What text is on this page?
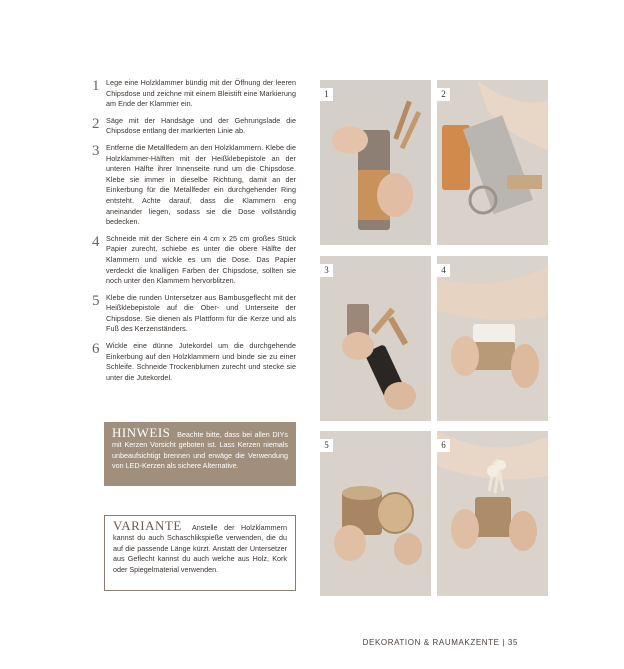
1 Lege eine Holzklammer bündig mit der Öffnung der leeren Chipsdose und zeichne mit einem Bleistift eine Markierung am Ende der Klammer ein.
2 Säge mit der Handsäge und der Gehrungslade die Chipsdose entlang der markierten Linie ab.
3 Entferne die Metallfedern an den Holzklammern. Klebe die Holzklammer-Hälften mit der Heißklebepistole an der unteren Hälfte ihrer Innenseite rund um die Chipsdose. Klebe sie immer in dieselbe Richtung, damit an der Einkerbung für die Metallfeder ein durchgehender Ring entsteht. Achte darauf, dass die Klammern eng aneinander liegen, sodass sie die Dose vollständig bedecken.
4 Schneide mit der Schere ein 4 cm x 25 cm großes Stück Papier zurecht, schiebe es unter die obere Hälfte der Klammern und wickle es um die Dose. Das Papier verdeckt die knalligen Farben der Chipsdose, sollten sie noch unter den Klammern hervorblitzen.
5 Klebe die runden Untersetzer aus Bambusgeflecht mit der Heißklebepistole auf die Ober- und Unterseite der Chipsdose. Sie dienen als Plattform für die Kerze und als Fuß des Kerzenständers.
6 Wickle eine dünne Jutekordel um die durchgehende Einkerbung auf den Holzklammern und binde sie zu einer Schleife. Schneide Trockenblumen zurecht und stecke sie unter die Jutekordel.
HINWEIS Beachte bitte, dass bei allen DIYs mit Kerzen Vorsicht geboten ist. Lass Kerzen niemals unbeaufsichtigt brennen und erwäge die Verwendung von LED-Kerzen als sichere Alternative.
VARIANTE Anstelle der Holzklammern kannst du auch Schaschlikspieße verwenden, die du auf die passende Länge kürzt. Anstatt der Untersetzer aus Geflecht kannst du auch welche aus Holz, Kork oder Spiegelmaterial verwenden.
1	2
3	4
5	6
DEKORATION & RAUMAKZENTE | 35
